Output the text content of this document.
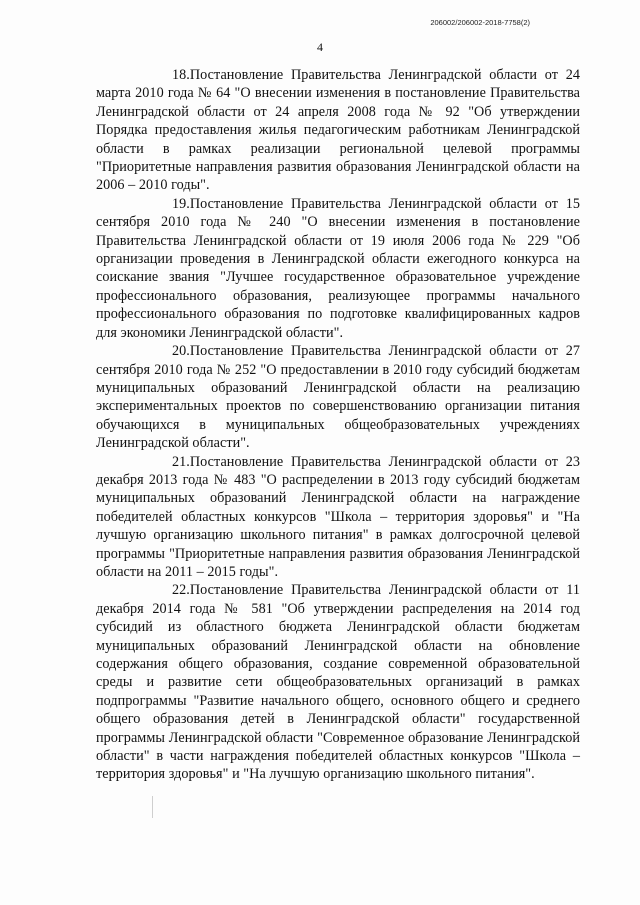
206002/206002-2018-7758(2)
4

18.Постановление Правительства Ленинградской области от 24 марта 2010 года № 64 "О внесении изменения в постановление Правительства Ленинградской области от 24 апреля 2008 года № 92 "Об утверждении Порядка предоставления жилья педагогическим работникам Ленинградской области в рамках реализации региональной целевой программы "Приоритетные направления развития образования Ленинградской области на 2006 – 2010 годы".

19.Постановление Правительства Ленинградской области от 15 сентября 2010 года № 240 "О внесении изменения в постановление Правительства Ленинградской области от 19 июля 2006 года № 229 "Об организации проведения в Ленинградской области ежегодного конкурса на соискание звания "Лучшее государственное образовательное учреждение профессионального образования, реализующее программы начального профессионального образования по подготовке квалифицированных кадров для экономики Ленинградской области".

20.Постановление Правительства Ленинградской области от 27 сентября 2010 года № 252 "О предоставлении в 2010 году субсидий бюджетам муниципальных образований Ленинградской области на реализацию экспериментальных проектов по совершенствованию организации питания обучающихся в муниципальных общеобразовательных учреждениях Ленинградской области".

21.Постановление Правительства Ленинградской области от 23 декабря 2013 года № 483 "О распределении в 2013 году субсидий бюджетам муниципальных образований Ленинградской области на награждение победителей областных конкурсов "Школа – территория здоровья" и "На лучшую организацию школьного питания" в рамках долгосрочной целевой программы "Приоритетные направления развития образования Ленинградской области на 2011 – 2015 годы".

22.Постановление Правительства Ленинградской области от 11 декабря 2014 года № 581 "Об утверждении распределения на 2014 год субсидий из областного бюджета Ленинградской области бюджетам муниципальных образований Ленинградской области на обновление содержания общего образования, создание современной образовательной среды и развитие сети общеобразовательных организаций в рамках подпрограммы "Развитие начального общего, основного общего и среднего общего образования детей в Ленинградской области" государственной программы Ленинградской области "Современное образование Ленинградской области" в части награждения победителей областных конкурсов "Школа – территория здоровья" и "На лучшую организацию школьного питания".
